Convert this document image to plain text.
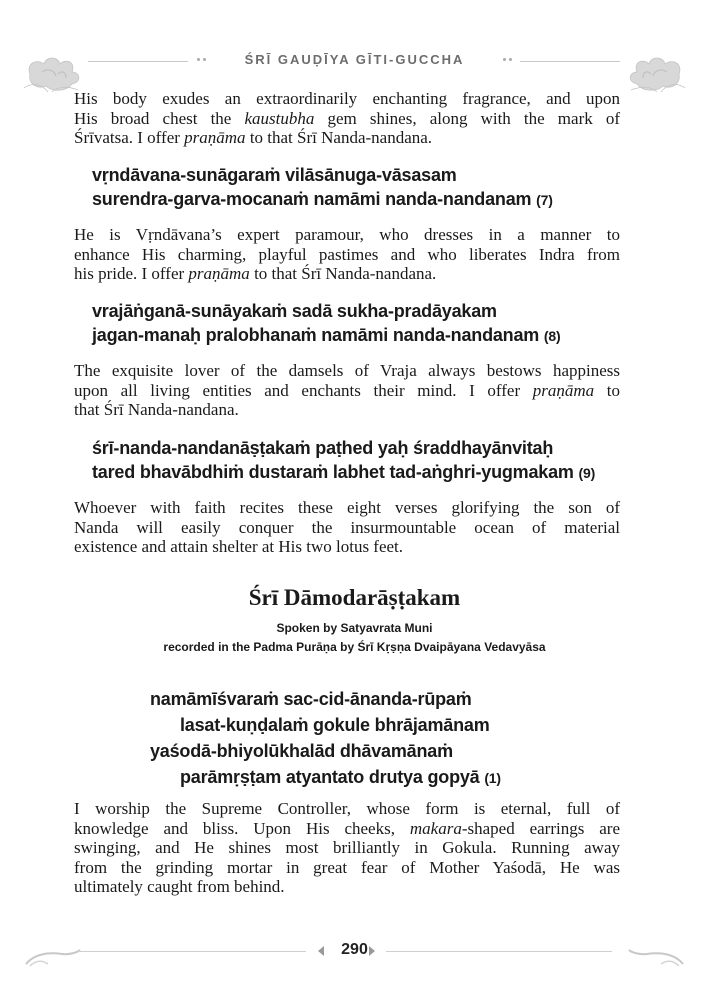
ŚRĪ GAUḌĪYA GĪTI-GUCCHA

His body exudes an extraordinarily enchanting fragrance, and upon
His broad chest the kaustubha gem shines, along with the mark of
Śrīvatsa. I offer praṇāma to that Śrī Nanda-nandana.

vṛndāvana-sunāgaraṁ vilāsānuga-vāsasam
surendra-garva-mocanaṁ namāmi nanda-nandanam (7)

He is Vṛndāvana’s expert paramour, who dresses in a manner to
enhance His charming, playful pastimes and who liberates Indra from
his pride. I offer praṇāma to that Śrī Nanda-nandana.

vrajāṅganā-sunāyakaṁ sadā sukha-pradāyakam
jagan-manaḥ pralobhanaṁ namāmi nanda-nandanam (8)

The exquisite lover of the damsels of Vraja always bestows happiness
upon all living entities and enchants their mind. I offer praṇāma to
that Śrī Nanda-nandana.

śrī-nanda-nandanāṣṭakaṁ paṭhed yaḥ śraddhayānvitaḥ
tared bhavābdhiṁ dustaraṁ labhet tad-aṅghri-yugmakam (9)

Whoever with faith recites these eight verses glorifying the son of
Nanda will easily conquer the insurmountable ocean of material
existence and attain shelter at His two lotus feet.

Śrī Dāmodarāṣṭakam
Spoken by Satyavrata Muni
recorded in the Padma Purāṇa by Śrī Kṛṣṇa Dvaipāyana Vedavyāsa
namāmīśvaraṁ sac-cid-ānanda-rūpaṁ
lasat-kuṇḍalaṁ gokule bhrājamānam
yaśodā-bhiyolūkhalād dhāvamānaṁ
parāmṛṣṭam atyantato drutya gopyā (1)

I worship the Supreme Controller, whose form is eternal, full of
knowledge and bliss. Upon His cheeks, makara-shaped earrings are
swinging, and He shines most brilliantly in Gokula. Running away
from the grinding mortar in great fear of Mother Yaśodā, He was
ultimately caught from behind.

290
